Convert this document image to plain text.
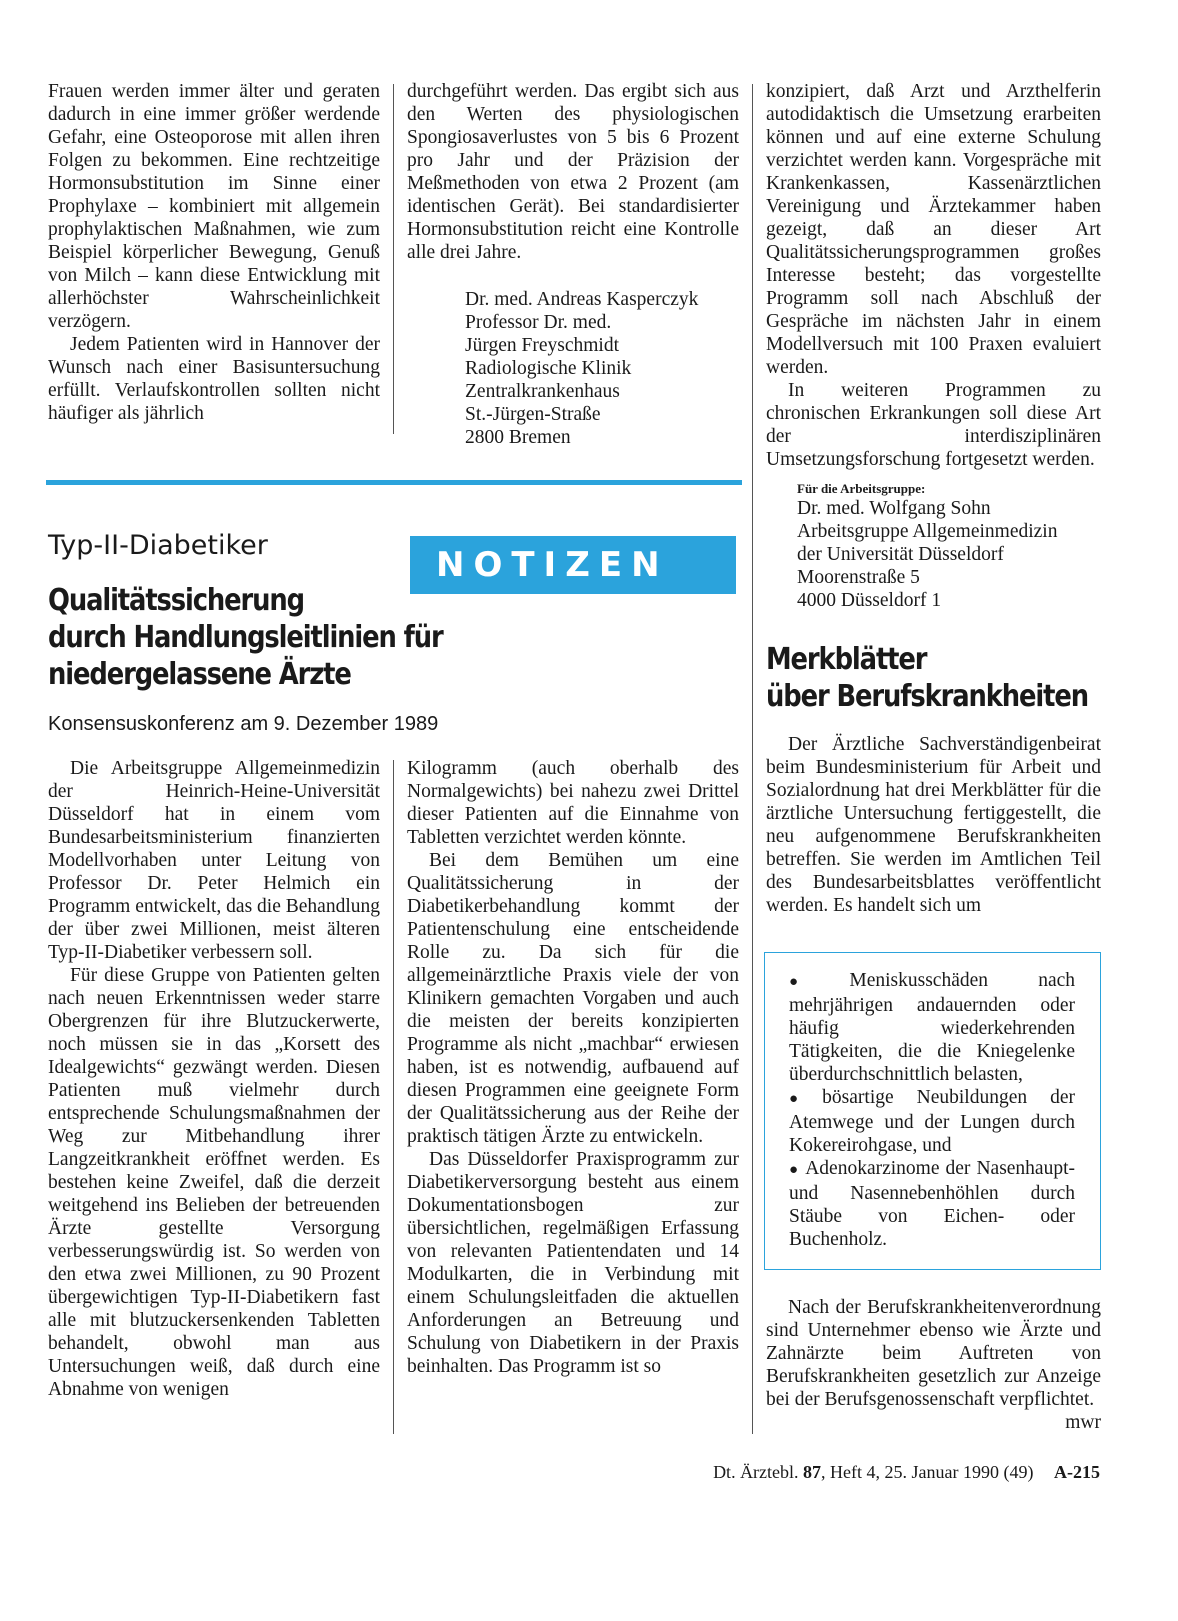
Frauen werden immer älter und geraten dadurch in eine immer größer werdende Gefahr, eine Osteoporose mit allen ihren Folgen zu bekommen. Eine rechtzeitige Hormonsubstitution im Sinne einer Prophylaxe – kombiniert mit allgemein prophylaktischen Maßnahmen, wie zum Beispiel körperlicher Bewegung, Genuß von Milch – kann diese Entwicklung mit allerhöchster Wahrscheinlichkeit verzögern.

Jedem Patienten wird in Hannover der Wunsch nach einer Basisuntersuchung erfüllt. Verlaufskontrollen sollten nicht häufiger als jährlich

durchgeführt werden. Das ergibt sich aus den Werten des physiologischen Spongiosaverlustes von 5 bis 6 Prozent pro Jahr und der Präzision der Meßmethoden von etwa 2 Prozent (am identischen Gerät). Bei standardisierter Hormonsubstitution reicht eine Kontrolle alle drei Jahre.

Dr. med. Andreas Kasperczyk
Professor Dr. med.
Jürgen Freyschmidt
Radiologische Klinik
Zentralkrankenhaus
St.-Jürgen-Straße
2800 Bremen

konzipiert, daß Arzt und Arzthelferin autodidaktisch die Umsetzung erarbeiten können und auf eine externe Schulung verzichtet werden kann. Vorgespräche mit Krankenkassen, Kassenärztlichen Vereinigung und Ärztekammer haben gezeigt, daß an dieser Art Qualitätssicherungsprogrammen großes Interesse besteht; das vorgestellte Programm soll nach Abschluß der Gespräche im nächsten Jahr in einem Modellversuch mit 100 Praxen evaluiert werden.

In weiteren Programmen zu chronischen Erkrankungen soll diese Art der interdisziplinären Umsetzungsforschung fortgesetzt werden.

Für die Arbeitsgruppe:
Dr. med. Wolfgang Sohn
Arbeitsgruppe Allgemeinmedizin
der Universität Düsseldorf
Moorenstraße 5
4000 Düsseldorf 1
Typ-II-Diabetiker	NOTIZEN
Qualitätssicherung
durch Handlungsleitlinien für
niedergelassene Ärzte
Konsensuskonferenz am 9. Dezember 1989

Die Arbeitsgruppe Allgemeinmedizin der Heinrich-Heine-Universität Düsseldorf hat in einem vom Bundesarbeitsministerium finanzierten Modellvorhaben unter Leitung von Professor Dr. Peter Helmich ein Programm entwickelt, das die Behandlung der über zwei Millionen, meist älteren Typ-II-Diabetiker verbessern soll.

Für diese Gruppe von Patienten gelten nach neuen Erkenntnissen weder starre Obergrenzen für ihre Blutzuckerwerte, noch müssen sie in das „Korsett des Idealgewichts“ gezwängt werden. Diesen Patienten muß vielmehr durch entsprechende Schulungsmaßnahmen der Weg zur Mitbehandlung ihrer Langzeitkrankheit eröffnet werden. Es bestehen keine Zweifel, daß die derzeit weitgehend ins Belieben der betreuenden Ärzte gestellte Versorgung verbesserungswürdig ist. So werden von den etwa zwei Millionen, zu 90 Prozent übergewichtigen Typ-II-Diabetikern fast alle mit blutzuckersenkenden Tabletten behandelt, obwohl man aus Untersuchungen weiß, daß durch eine Abnahme von wenigen

Kilogramm (auch oberhalb des Normalgewichts) bei nahezu zwei Drittel dieser Patienten auf die Einnahme von Tabletten verzichtet werden könnte.

Bei dem Bemühen um eine Qualitätssicherung in der Diabetikerbehandlung kommt der Patientenschulung eine entscheidende Rolle zu. Da sich für die allgemeinärztliche Praxis viele der von Klinikern gemachten Vorgaben und auch die meisten der bereits konzipierten Programme als nicht „machbar“ erwiesen haben, ist es notwendig, aufbauend auf diesen Programmen eine geeignete Form der Qualitätssicherung aus der Reihe der praktisch tätigen Ärzte zu entwickeln.

Das Düsseldorfer Praxisprogramm zur Diabetikerversorgung besteht aus einem Dokumentationsbogen zur übersichtlichen, regelmäßigen Erfassung von relevanten Patientendaten und 14 Modulkarten, die in Verbindung mit einem Schulungsleitfaden die aktuellen Anforderungen an Betreuung und Schulung von Diabetikern in der Praxis beinhalten. Das Programm ist so

Merkblätter
über Berufskrankheiten

Der Ärztliche Sachverständigenbeirat beim Bundesministerium für Arbeit und Sozialordnung hat drei Merkblätter für die ärztliche Untersuchung fertiggestellt, die neu aufgenommene Berufskrankheiten betreffen. Sie werden im Amtlichen Teil des Bundesarbeitsblattes veröffentlicht werden. Es handelt sich um

● Meniskusschäden nach mehrjährigen andauernden oder häufig wiederkehrenden Tätigkeiten, die die Kniegelenke überdurchschnittlich belasten,
● bösartige Neubildungen der Atemwege und der Lungen durch Kokereirohgase, und
● Adenokarzinome der Nasenhaupt- und Nasennebenhöhlen durch Stäube von Eichen- oder Buchenholz.

Nach der Berufskrankheitenverordnung sind Unternehmer ebenso wie Ärzte und Zahnärzte beim Auftreten von Berufskrankheiten gesetzlich zur Anzeige bei der Berufsgenossenschaft verpflichtet.
mwr

Dt. Ärztebl. 87, Heft 4, 25. Januar 1990 (49) A-215
